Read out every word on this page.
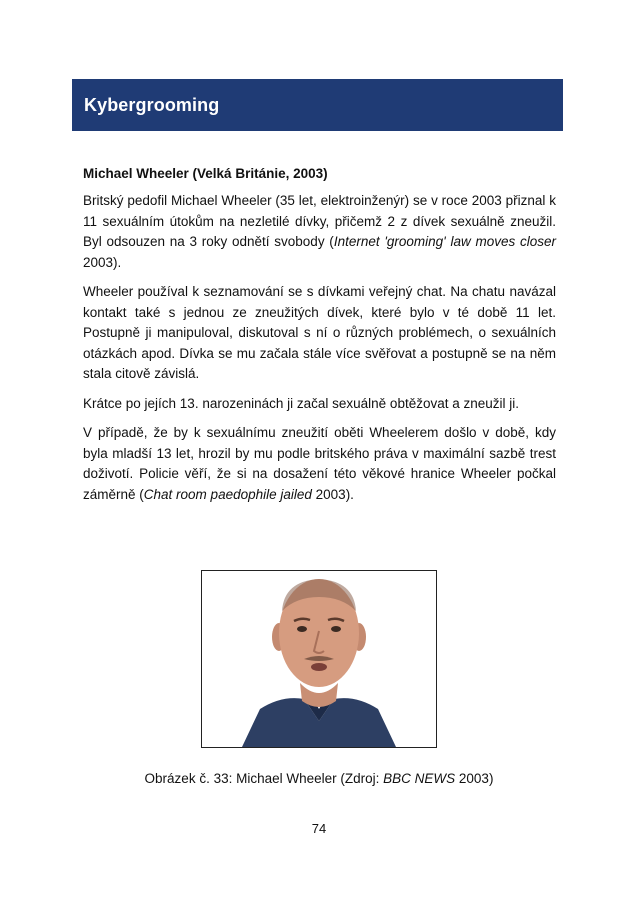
Kybergrooming

Michael Wheeler (Velká Británie, 2003)

Britský pedofil Michael Wheeler (35 let, elektroinženýr) se v roce 2003 přiznal k 11 sexuálním útokům na nezletilé dívky, přičemž 2 z dívek sexuálně zneužil. Byl odsouzen na 3 roky odnětí svobody (Internet 'grooming' law moves closer 2003).

Wheeler používal k seznamování se s dívkami veřejný chat. Na chatu navázal kontakt také s jednou ze zneužitých dívek, které bylo v té době 11 let. Postupně ji manipuloval, diskutoval s ní o různých problémech, o sexuálních otázkách apod. Dívka se mu začala stále více svěřovat a postupně se na něm stala citově závislá.

Krátce po jejích 13. narozeninách ji začal sexuálně obtěžovat a zneužil ji.

V případě, že by k sexuálnímu zneužití oběti Wheelerem došlo v době, kdy byla mladší 13 let, hrozil by mu podle britského práva v maximální sazbě trest doživotí. Policie věří, že si na dosažení této věkové hranice Wheeler počkal záměrně (Chat room paedophile jailed 2003).

Obrázek č. 33: Michael Wheeler (Zdroj: BBC NEWS 2003)
74
